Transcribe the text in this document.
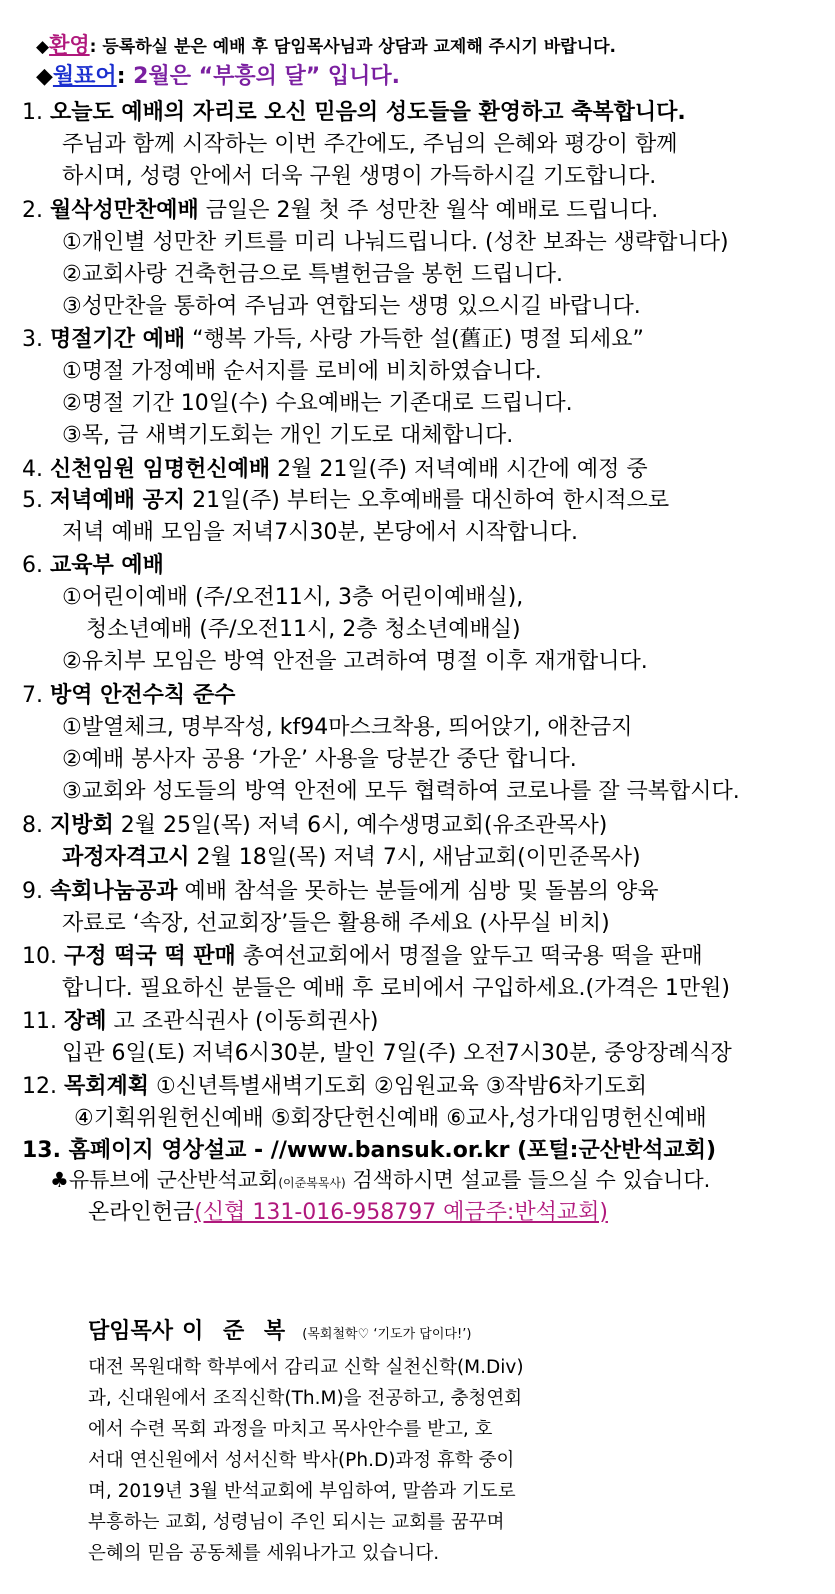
◆환영: 등록하실 분은 예배 후 담임목사님과 상담과 교제해 주시기 바랍니다.
◆월표어: 2월은 “부흥의 달” 입니다.
1. 오늘도 예배의 자리로 오신 믿음의 성도들을 환영하고 축복합니다.
주님과 함께 시작하는 이번 주간에도, 주님의 은혜와 평강이 함께
하시며, 성령 안에서 더욱 구원 생명이 가득하시길 기도합니다.
2. 월삭성만찬예배 금일은 2월 첫 주 성만찬 월삭 예배로 드립니다.
①개인별 성만찬 키트를 미리 나눠드립니다. (성찬 보좌는 생략합니다)
②교회사랑 건축헌금으로 특별헌금을 봉헌 드립니다.
③성만찬을 통하여 주님과 연합되는 생명 있으시길 바랍니다.
3. 명절기간 예배 “행복 가득, 사랑 가득한 설(舊正) 명절 되세요”
①명절 가정예배 순서지를 로비에 비치하였습니다.
②명절 기간 10일(수) 수요예배는 기존대로 드립니다.
③목, 금 새벽기도회는 개인 기도로 대체합니다.
4. 신천임원 임명헌신예배 2월 21일(주) 저녁예배 시간에 예정 중
5. 저녁예배 공지 21일(주) 부터는 오후예배를 대신하여 한시적으로
저녁 예배 모임을 저녁7시30분, 본당에서 시작합니다.
6. 교육부 예배
①어린이예배 (주/오전11시, 3층 어린이예배실),
청소년예배 (주/오전11시, 2층 청소년예배실)
②유치부 모임은 방역 안전을 고려하여 명절 이후 재개합니다.
7. 방역 안전수칙 준수
①발열체크, 명부작성, kf94마스크착용, 띄어앉기, 애찬금지
②예배 봉사자 공용 ‘가운’ 사용을 당분간 중단 합니다.
③교회와 성도들의 방역 안전에 모두 협력하여 코로나를 잘 극복합시다.
8. 지방회 2월 25일(목) 저녁 6시, 예수생명교회(유조관목사)
과정자격고시 2월 18일(목) 저녁 7시, 새남교회(이민준목사)
9. 속회나눔공과 예배 참석을 못하는 분들에게 심방 및 돌봄의 양육
자료로 ‘속장, 선교회장’들은 활용해 주세요 (사무실 비치)
10. 구정 떡국 떡 판매 총여선교회에서 명절을 앞두고 떡국용 떡을 판매
합니다. 필요하신 분들은 예배 후 로비에서 구입하세요.(가격은 1만원)
11. 장례 고 조관식권사 (이동희권사)
입관 6일(토) 저녁6시30분, 발인 7일(주) 오전7시30분, 중앙장례식장
12. 목회계획 ①신년특별새벽기도회 ②임원교육 ③작밤6차기도회
④기획위원헌신예배 ⑤회장단헌신예배 ⑥교사,성가대임명헌신예배
13. 홈페이지 영상설교 - //www.bansuk.or.kr (포털:군산반석교회)
♣유튜브에 군산반석교회(이준복목사) 검색하시면 설교를 들으실 수 있습니다.
온라인헌금(신협 131-016-958797 예금주:반석교회)
담임목사 이 준 복 (목회철학♡ ‘기도가 답이다!’)
대전 목원대학 학부에서 감리교 신학 실천신학(M.Div)
과, 신대원에서 조직신학(Th.M)을 전공하고, 충청연회
에서 수련 목회 과정을 마치고 목사안수를 받고, 호
서대 연신원에서 성서신학 박사(Ph.D)과정 휴학 중이
며, 2019년 3월 반석교회에 부임하여, 말씀과 기도로
부흥하는 교회, 성령님이 주인 되시는 교회를 꿈꾸며
은혜의 믿음 공동체를 세워나가고 있습니다.
